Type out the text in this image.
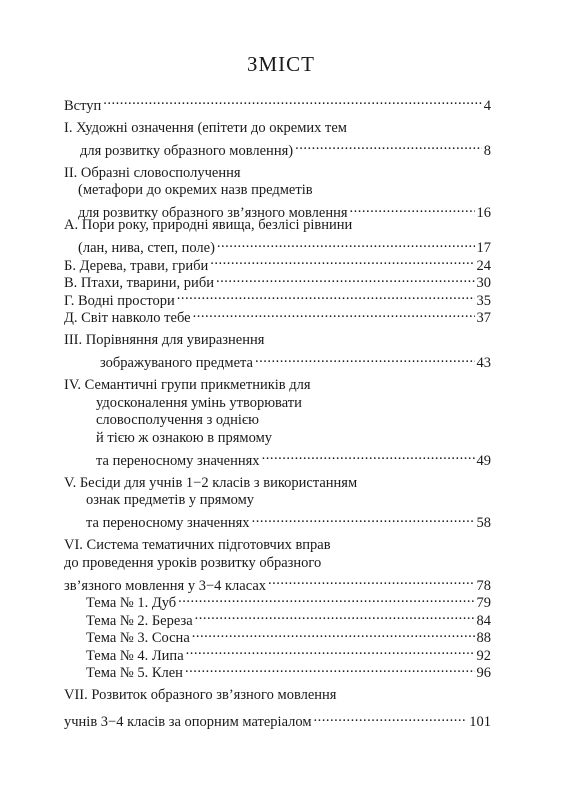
ЗМІСТ
Вступ .....	4
І. Художні означення (епітети до окремих тем
для розвитку образного мовлення) .....	8
ІІ. Образні словосполучення
(метафори до окремих назв предметів
для розвитку образного зв’язного мовлення .....	16
А. Пори року, природні явища, безлісі рівнини
(лан, нива, степ, поле) .....	17
Б. Дерева, трави, гриби .....	24
В. Птахи, тварини, риби .....	30
Г. Водні простори .....	35
Д. Світ навколо тебе .....	37
ІІІ. Порівняння для увиразнення
зображуваного предмета .....	43
ІV. Семантичні групи прикметників для
удосконалення умінь утворювати
словосполучення з однією
й тією ж ознакою в прямому
та переносному значеннях .....	49
V. Бесіди для учнів 1−2 класів з використанням
ознак предметів у прямому
та переносному значеннях .....	58
VІ. Система тематичних підготовчих вправ
до проведення уроків розвитку образного
зв’язного мовлення у 3−4 класах .....	78
Тема № 1. Дуб .....	79
Тема № 2. Береза .....	84
Тема № 3. Сосна .....	88
Тема № 4. Липа .....	92
Тема № 5. Клен .....	96
VІІ. Розвиток образного зв’язного мовлення
учнів 3−4 класів за опорним матеріалом .....	101
